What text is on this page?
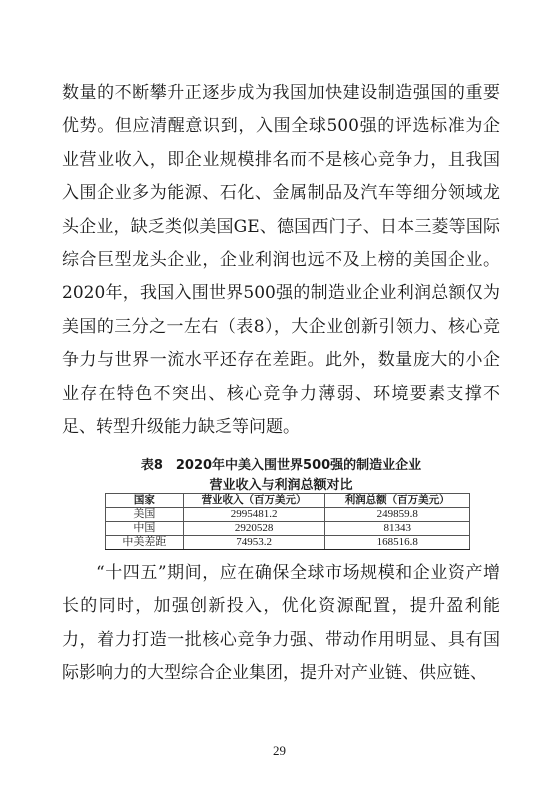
数量的不断攀升正逐步成为我国加快建设制造强国的重要优势。但应清醒意识到，入围全球500强的评选标准为企业营业收入，即企业规模排名而不是核心竞争力，且我国入围企业多为能源、石化、金属制品及汽车等细分领域龙头企业，缺乏类似美国GE、德国西门子、日本三菱等国际综合巨型龙头企业，企业利润也远不及上榜的美国企业。2020年，我国入围世界500强的制造业企业利润总额仅为美国的三分之一左右（表8），大企业创新引领力、核心竞争力与世界一流水平还存在差距。此外，数量庞大的小企业存在特色不突出、核心竞争力薄弱、环境要素支撑不足、转型升级能力缺乏等问题。

表8　2020年中美入围世界500强的制造业企业

营业收入与利润总额对比

国家	营业收入（百万美元）	利润总额（百万美元）
美国	2995481.2	249859.8
中国	2920528	81343
中美差距	74953.2	168516.8

“十四五”期间，应在确保全球市场规模和企业资产增长的同时，加强创新投入，优化资源配置，提升盈利能力，着力打造一批核心竞争力强、带动作用明显、具有国际影响力的大型综合企业集团，提升对产业链、供应链、

29
